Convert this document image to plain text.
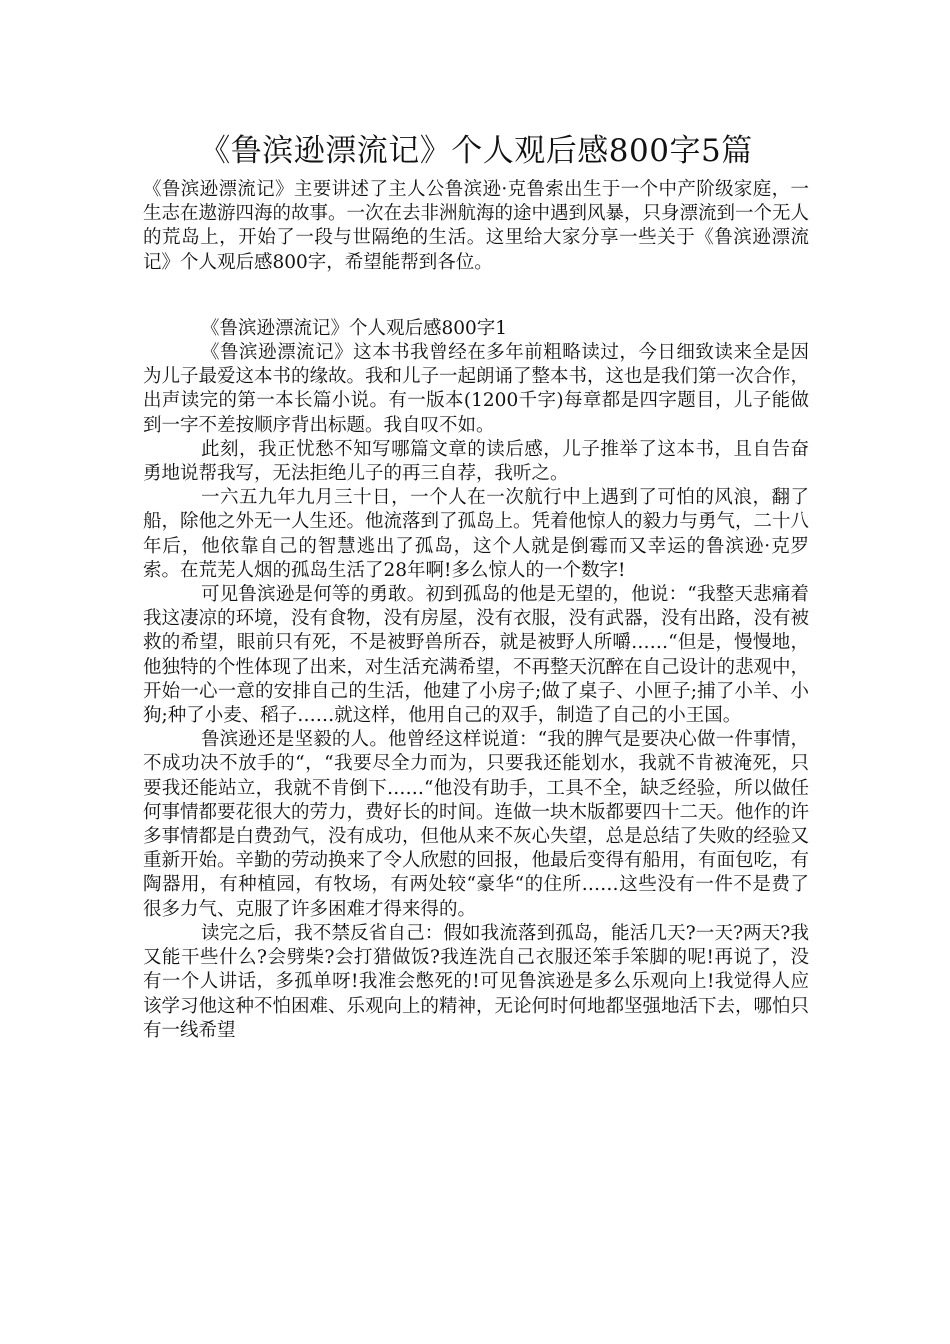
《鲁滨逊漂流记》个人观后感800字5篇

《鲁滨逊漂流记》主要讲述了主人公鲁滨逊·克鲁索出生于一个中产阶级家庭，一生志在遨游四海的故事。一次在去非洲航海的途中遇到风暴，只身漂流到一个无人的荒岛上，开始了一段与世隔绝的生活。这里给大家分享一些关于《鲁滨逊漂流记》个人观后感800字，希望能帮到各位。

《鲁滨逊漂流记》个人观后感800字1

《鲁滨逊漂流记》这本书我曾经在多年前粗略读过，今日细致读来全是因为儿子最爱这本书的缘故。我和儿子一起朗诵了整本书，这也是我们第一次合作，出声读完的第一本长篇小说。有一版本(1200千字)每章都是四字题目，儿子能做到一字不差按顺序背出标题。我自叹不如。

此刻，我正忧愁不知写哪篇文章的读后感，儿子推举了这本书，且自告奋勇地说帮我写，无法拒绝儿子的再三自荐，我听之。

一六五九年九月三十日，一个人在一次航行中上遇到了可怕的风浪，翻了船，除他之外无一人生还。他流落到了孤岛上。凭着他惊人的毅力与勇气，二十八年后，他依靠自己的智慧逃出了孤岛，这个人就是倒霉而又幸运的鲁滨逊·克罗索。在荒芜人烟的孤岛生活了28年啊!多么惊人的一个数字!

可见鲁滨逊是何等的勇敢。初到孤岛的他是无望的，他说：“我整天悲痛着我这凄凉的环境，没有食物，没有房屋，没有衣服，没有武器，没有出路，没有被救的希望，眼前只有死，不是被野兽所吞，就是被野人所嚼……“但是，慢慢地，他独特的个性体现了出来，对生活充满希望，不再整天沉醉在自己设计的悲观中，开始一心一意的安排自己的生活，他建了小房子;做了桌子、小匣子;捕了小羊、小狗;种了小麦、稻子……就这样，他用自己的双手，制造了自己的小王国。

鲁滨逊还是坚毅的人。他曾经这样说道：“我的脾气是要决心做一件事情，不成功决不放手的“，“我要尽全力而为，只要我还能划水，我就不肯被淹死，只要我还能站立，我就不肯倒下……“他没有助手，工具不全，缺乏经验，所以做任何事情都要花很大的劳力，费好长的时间。连做一块木版都要四十二天。他作的许多事情都是白费劲气，没有成功，但他从来不灰心失望，总是总结了失败的经验又重新开始。辛勤的劳动换来了令人欣慰的回报，他最后变得有船用，有面包吃，有陶器用，有种植园，有牧场，有两处较“豪华“的住所……这些没有一件不是费了很多力气、克服了许多困难才得来得的。

读完之后，我不禁反省自己：假如我流落到孤岛，能活几天?一天?两天?我又能干些什么?会劈柴?会打猎做饭?我连洗自己衣服还笨手笨脚的呢!再说了，没有一个人讲话，多孤单呀!我准会憋死的!可见鲁滨逊是多么乐观向上!我觉得人应该学习他这种不怕困难、乐观向上的精神，无论何时何地都坚强地活下去，哪怕只有一线希望
